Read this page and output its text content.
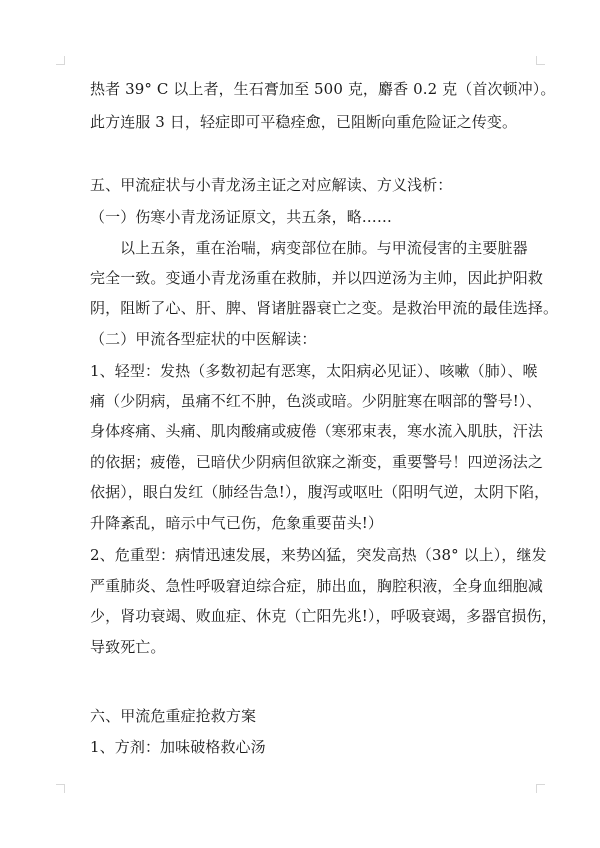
热者 39° C 以上者，生石膏加至 500 克，麝香 0.2 克（首次顿冲）。
此方连服 3 日，轻症即可平稳痊愈，已阻断向重危险证之传变。
五、甲流症状与小青龙汤主证之对应解读、方义浅析：
（一）伤寒小青龙汤证原文，共五条，略……
以上五条，重在治喘，病变部位在肺。与甲流侵害的主要脏器
完全一致。变通小青龙汤重在救肺，并以四逆汤为主帅，因此护阳救
阴，阻断了心、肝、脾、肾诸脏器衰亡之变。是救治甲流的最佳选择。
（二）甲流各型症状的中医解读：
1、轻型：发热（多数初起有恶寒，太阳病必见证）、咳嗽（肺）、喉
痛（少阴病，虽痛不红不肿，色淡或暗。少阴脏寒在咽部的警号!）、
身体疼痛、头痛、肌肉酸痛或疲倦（寒邪束表，寒水流入肌肤，汗法
的依据；疲倦，已暗伏少阴病但欲寐之渐变，重要警号！四逆汤法之
依据），眼白发红（肺经告急!），腹泻或呕吐（阳明气逆，太阴下陷，
升降紊乱，暗示中气已伤，危象重要苗头!）
2、危重型：病情迅速发展，来势凶猛，突发高热（38° 以上），继发
严重肺炎、急性呼吸窘迫综合症，肺出血，胸腔积液，全身血细胞减
少，肾功衰竭、败血症、休克（亡阳先兆!），呼吸衰竭，多器官损伤，
导致死亡。
六、甲流危重症抢救方案
1、方剂：加味破格救心汤
